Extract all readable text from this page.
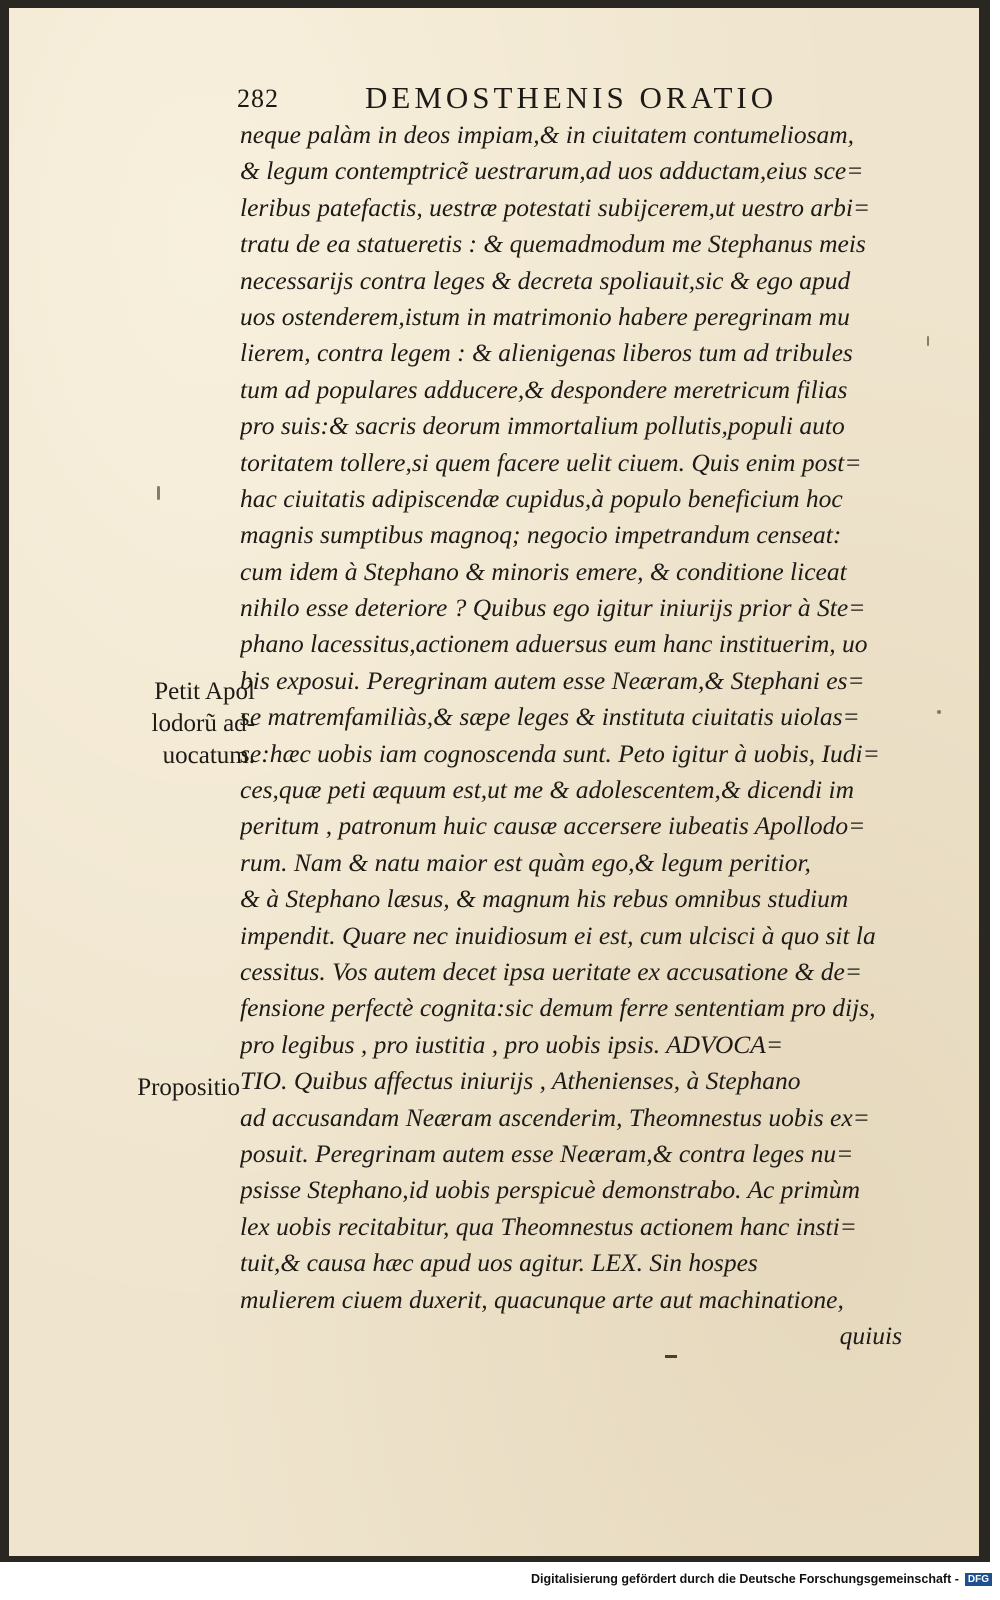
282	DEMOSTHENIS ORATIO
neque palàm in deos impiam,& in ciuitatem contumeliosam,
& legum contemptricẽ uestrarum,ad uos adductam,eius sce=
leribus patefactis, uestræ potestati subijcerem,ut uestro arbi=
tratu de ea statueretis : & quemadmodum me Stephanus meis
necessarijs contra leges & decreta spoliauit,sic & ego apud
uos ostenderem,istum in matrimonio habere peregrinam mu
lierem, contra legem : & alienigenas liberos tum ad tribules
tum ad populares adducere,& despondere meretricum filias
pro suis:& sacris deorum immortalium pollutis,populi auto
toritatem tollere,si quem facere uelit ciuem. Quis enim post=
hac ciuitatis adipiscendæ cupidus,à populo beneficium hoc
magnis sumptibus magnoq; negocio impetrandum censeat:
cum idem à Stephano & minoris emere, & conditione liceat
nihilo esse deteriore ? Quibus ego igitur iniurijs prior à Ste=
phano lacessitus,actionem aduersus eum hanc instituerim, uo
bis exposui. Peregrinam autem esse Neæram,& Stephani es=
se matremfamiliàs,& sæpe leges & instituta ciuitatis uiolas=
se:hæc uobis iam cognoscenda sunt. Peto igitur à uobis, Iudi=
ces,quæ peti æquum est,ut me & adolescentem,& dicendi im
peritum , patronum huic causæ accersere iubeatis Apollodo=
rum. Nam & natu maior est quàm ego,& legum peritior,
& à Stephano læsus, & magnum his rebus omnibus studium
impendit. Quare nec inuidiosum ei est, cum ulcisci à quo sit la
cessitus. Vos autem decet ipsa ueritate ex accusatione & de=
fensione perfectè cognita:sic demum ferre sententiam pro dijs,
pro legibus , pro iustitia , pro uobis ipsis. ADVOCA=
TIO. Quibus affectus iniurijs , Athenienses, à Stephano
ad accusandam Neæram ascenderim, Theomnestus uobis ex=
posuit. Peregrinam autem esse Neæram,& contra leges nu=
psisse Stephano,id uobis perspicuè demonstrabo. Ac primùm
lex uobis recitabitur, qua Theomnestus actionem hanc insti=
tuit,& causa hæc apud uos agitur. LEX. Sin hospes
mulierem ciuem duxerit, quacunque arte aut machinatione,
quiuis
Petit Apol lodorũ ad- uocatum.
Propositio
Digitalisierung gefördert durch die Deutsche Forschungsgemeinschaft - DFG
